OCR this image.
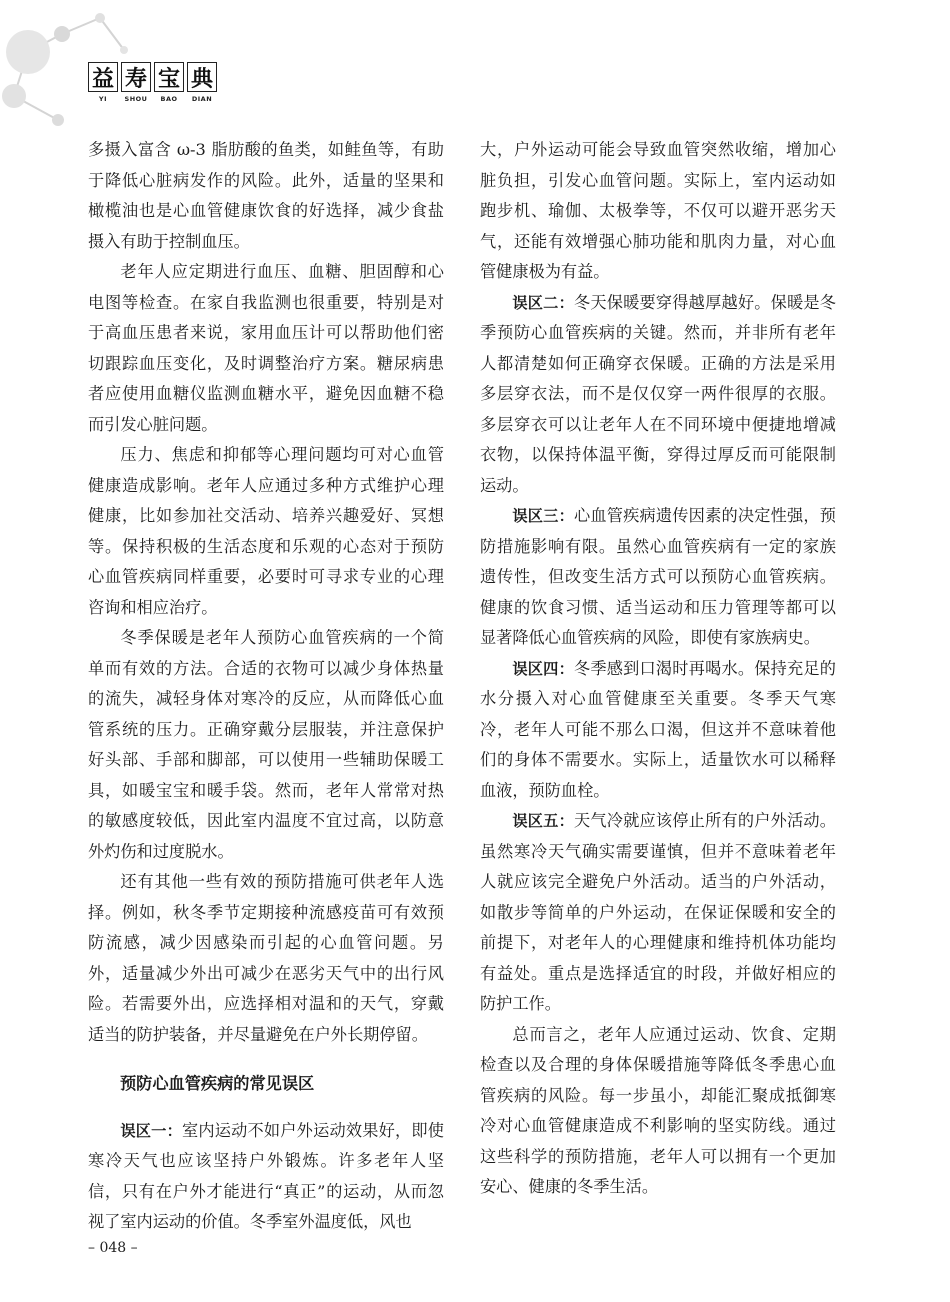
益 寿 宝 典
YI	SHOU	BAO	DIAN

多摄入富含 ω-3 脂肪酸的鱼类，如鲑鱼等，有助于降低心脏病发作的风险。此外，适量的坚果和橄榄油也是心血管健康饮食的好选择，减少食盐摄入有助于控制血压。

老年人应定期进行血压、血糖、胆固醇和心电图等检查。在家自我监测也很重要，特别是对于高血压患者来说，家用血压计可以帮助他们密切跟踪血压变化，及时调整治疗方案。糖尿病患者应使用血糖仪监测血糖水平，避免因血糖不稳而引发心脏问题。

压力、焦虑和抑郁等心理问题均可对心血管健康造成影响。老年人应通过多种方式维护心理健康，比如参加社交活动、培养兴趣爱好、冥想等。保持积极的生活态度和乐观的心态对于预防心血管疾病同样重要，必要时可寻求专业的心理咨询和相应治疗。

冬季保暖是老年人预防心血管疾病的一个简单而有效的方法。合适的衣物可以减少身体热量的流失，减轻身体对寒冷的反应，从而降低心血管系统的压力。正确穿戴分层服装，并注意保护好头部、手部和脚部，可以使用一些辅助保暖工具，如暖宝宝和暖手袋。然而，老年人常常对热的敏感度较低，因此室内温度不宜过高，以防意外灼伤和过度脱水。

还有其他一些有效的预防措施可供老年人选择。例如，秋冬季节定期接种流感疫苗可有效预防流感，减少因感染而引起的心血管问题。另外，适量减少外出可减少在恶劣天气中的出行风险。若需要外出，应选择相对温和的天气，穿戴适当的防护装备，并尽量避免在户外长期停留。

预防心血管疾病的常见误区

误区一：室内运动不如户外运动效果好，即使寒冷天气也应该坚持户外锻炼。许多老年人坚信，只有在户外才能进行“真正”的运动，从而忽视了室内运动的价值。冬季室外温度低，风也

大，户外运动可能会导致血管突然收缩，增加心脏负担，引发心血管问题。实际上，室内运动如跑步机、瑜伽、太极拳等，不仅可以避开恶劣天气，还能有效增强心肺功能和肌肉力量，对心血管健康极为有益。

误区二：冬天保暖要穿得越厚越好。保暖是冬季预防心血管疾病的关键。然而，并非所有老年人都清楚如何正确穿衣保暖。正确的方法是采用多层穿衣法，而不是仅仅穿一两件很厚的衣服。多层穿衣可以让老年人在不同环境中便捷地增减衣物，以保持体温平衡，穿得过厚反而可能限制运动。

误区三：心血管疾病遗传因素的决定性强，预防措施影响有限。虽然心血管疾病有一定的家族遗传性，但改变生活方式可以预防心血管疾病。健康的饮食习惯、适当运动和压力管理等都可以显著降低心血管疾病的风险，即使有家族病史。

误区四：冬季感到口渴时再喝水。保持充足的水分摄入对心血管健康至关重要。冬季天气寒冷，老年人可能不那么口渴，但这并不意味着他们的身体不需要水。实际上，适量饮水可以稀释血液，预防血栓。

误区五：天气冷就应该停止所有的户外活动。虽然寒冷天气确实需要谨慎，但并不意味着老年人就应该完全避免户外活动。适当的户外活动，如散步等简单的户外运动，在保证保暖和安全的前提下，对老年人的心理健康和维持机体功能均有益处。重点是选择适宜的时段，并做好相应的防护工作。

总而言之，老年人应通过运动、饮食、定期检查以及合理的身体保暖措施等降低冬季患心血管疾病的风险。每一步虽小，却能汇聚成抵御寒冷对心血管健康造成不利影响的坚实防线。通过这些科学的预防措施，老年人可以拥有一个更加安心、健康的冬季生活。

– 048 –
